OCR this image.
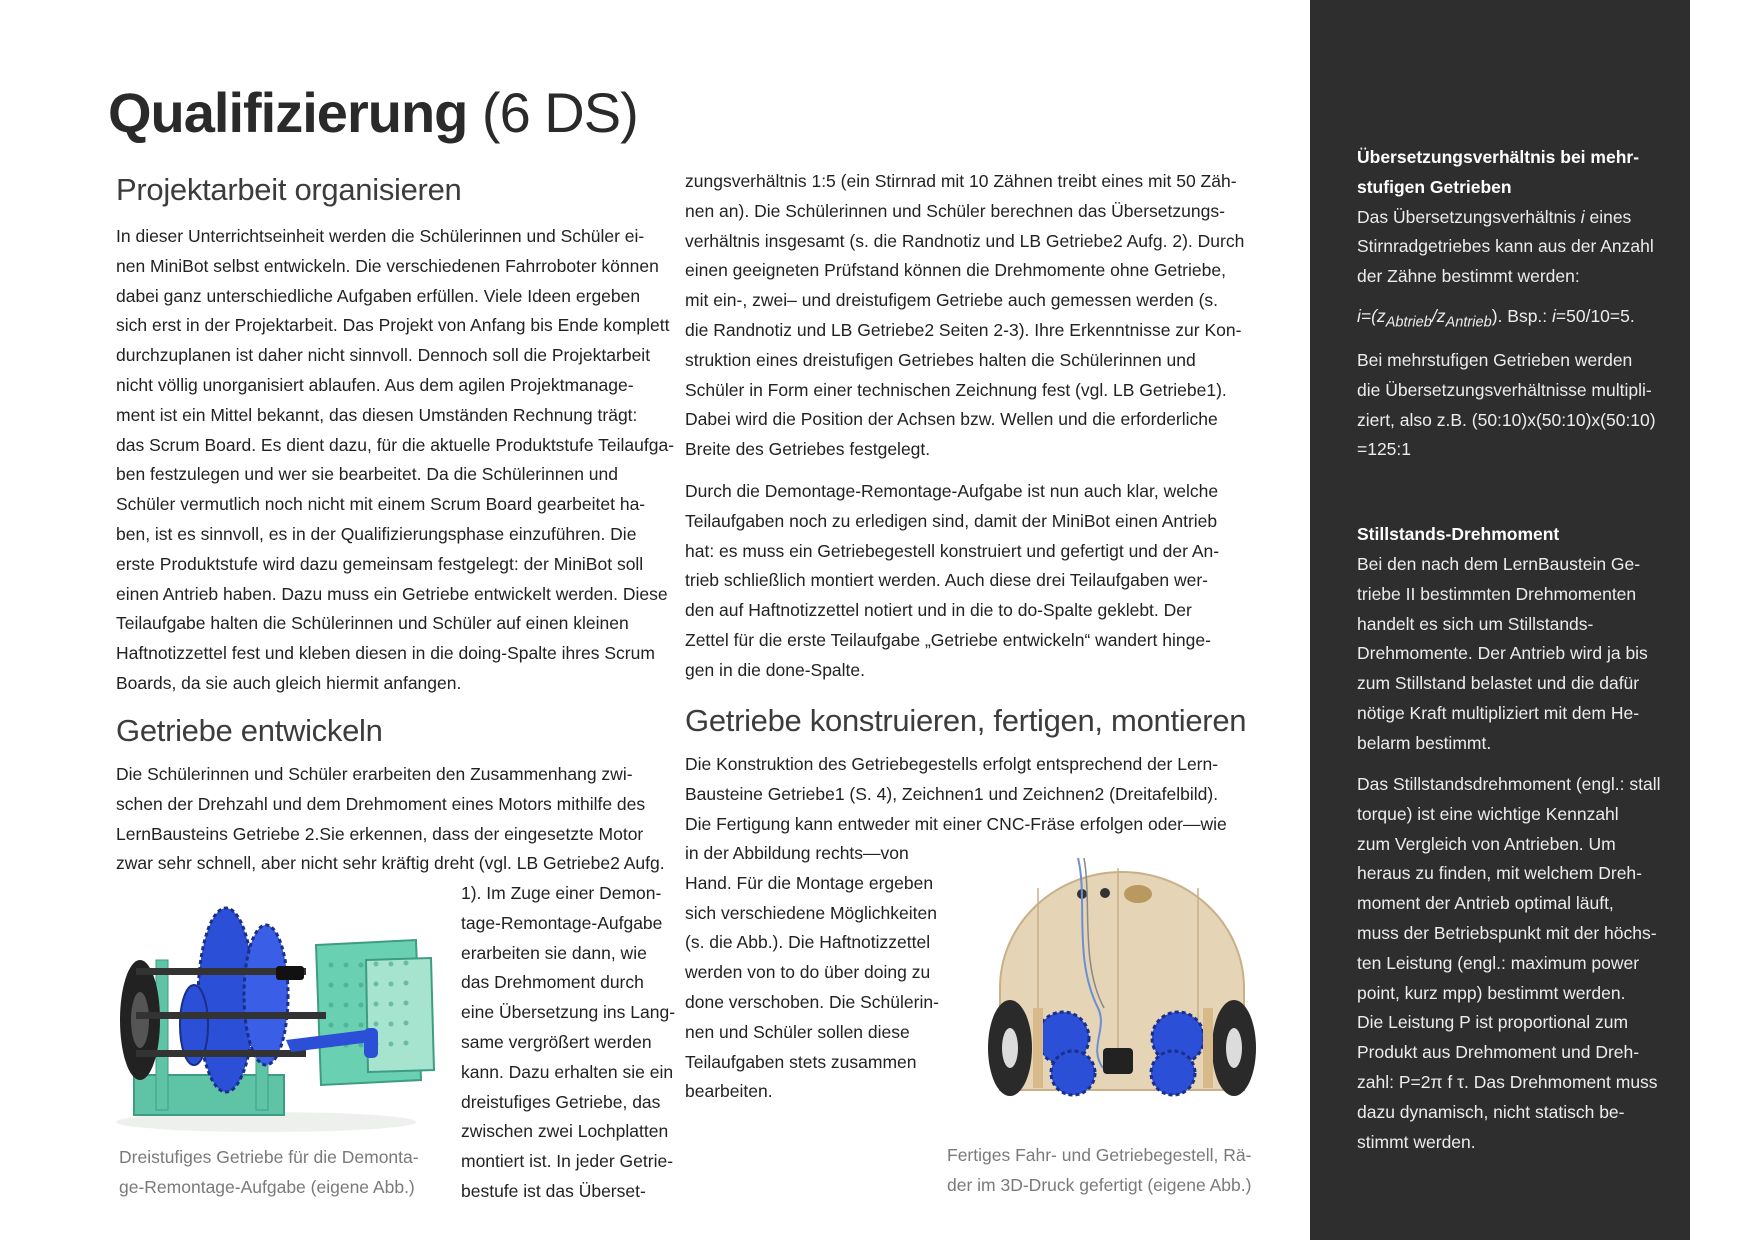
Qualifizierung (6 DS)
Projektarbeit organisieren

In dieser Unterrichtseinheit werden die Schülerinnen und Schüler ei-
nen MiniBot selbst entwickeln. Die verschiedenen Fahrroboter können
dabei ganz unterschiedliche Aufgaben erfüllen. Viele Ideen ergeben
sich erst in der Projektarbeit. Das Projekt von Anfang bis Ende komplett
durchzuplanen ist daher nicht sinnvoll. Dennoch soll die Projektarbeit
nicht völlig unorganisiert ablaufen. Aus dem agilen Projektmanage-
ment ist ein Mittel bekannt, das diesen Umständen Rechnung trägt:
das Scrum Board. Es dient dazu, für die aktuelle Produktstufe Teilaufga-
ben festzulegen und wer sie bearbeitet. Da die Schülerinnen und
Schüler vermutlich noch nicht mit einem Scrum Board gearbeitet ha-
ben, ist es sinnvoll, es in der Qualifizierungsphase einzuführen. Die
erste Produktstufe wird dazu gemeinsam festgelegt: der MiniBot soll
einen Antrieb haben. Dazu muss ein Getriebe entwickelt werden. Diese
Teilaufgabe halten die Schülerinnen und Schüler auf einen kleinen
Haftnotizzettel fest und kleben diesen in die doing-Spalte ihres Scrum
Boards, da sie auch gleich hiermit anfangen.

Getriebe entwickeln

Die Schülerinnen und Schüler erarbeiten den Zusammenhang zwi-
schen der Drehzahl und dem Drehmoment eines Motors mithilfe des
LernBausteins Getriebe 2.Sie erkennen, dass der eingesetzte Motor
zwar sehr schnell, aber nicht sehr kräftig dreht (vgl. LB Getriebe2 Aufg.

1). Im Zuge einer Demon-
tage-Remontage-Aufgabe
erarbeiten sie dann, wie
das Drehmoment durch
eine Übersetzung ins Lang-
same vergrößert werden
kann. Dazu erhalten sie ein
dreistufiges Getriebe, das
zwischen zwei Lochplatten
montiert ist. In jeder Getrie-
bestufe ist das Überset-

Dreistufiges Getriebe für die Demonta-
ge-Remontage-Aufgabe (eigene Abb.)

zungsverhältnis 1:5 (ein Stirnrad mit 10 Zähnen treibt eines mit 50 Zäh-
nen an). Die Schülerinnen und Schüler berechnen das Übersetzungs-
verhältnis insgesamt (s. die Randnotiz und LB Getriebe2 Aufg. 2). Durch
einen geeigneten Prüfstand können die Drehmomente ohne Getriebe,
mit ein-, zwei– und dreistufigem Getriebe auch gemessen werden (s.
die Randnotiz und LB Getriebe2 Seiten 2-3). Ihre Erkenntnisse zur Kon-
struktion eines dreistufigen Getriebes halten die Schülerinnen und
Schüler in Form einer technischen Zeichnung fest (vgl. LB Getriebe1).
Dabei wird die Position der Achsen bzw. Wellen und die erforderliche
Breite des Getriebes festgelegt.

Durch die Demontage-Remontage-Aufgabe ist nun auch klar, welche
Teilaufgaben noch zu erledigen sind, damit der MiniBot einen Antrieb
hat: es muss ein Getriebegestell konstruiert und gefertigt und der An-
trieb schließlich montiert werden. Auch diese drei Teilaufgaben wer-
den auf Haftnotizzettel notiert und in die to do-Spalte geklebt. Der
Zettel für die erste Teilaufgabe „Getriebe entwickeln“ wandert hinge-
gen in die done-Spalte.

Getriebe konstruieren, fertigen, montieren

Die Konstruktion des Getriebegestells erfolgt entsprechend der Lern-
Bausteine Getriebe1 (S. 4), Zeichnen1 und Zeichnen2 (Dreitafelbild).
Die Fertigung kann entweder mit einer CNC-Fräse erfolgen oder—wie

in der Abbildung rechts—von
Hand. Für die Montage ergeben
sich verschiedene Möglichkeiten
(s. die Abb.). Die Haftnotizzettel
werden von to do über doing zu
done verschoben. Die Schülerin-
nen und Schüler sollen diese
Teilaufgaben stets zusammen
bearbeiten.

Fertiges Fahr- und Getriebegestell, Rä-
der im 3D-Druck gefertigt (eigene Abb.)

Übersetzungsverhältnis bei mehr-
stufigen Getrieben
Das Übersetzungsverhältnis i eines
Stirnradgetriebes kann aus der Anzahl
der Zähne bestimmt werden:
$i=(z_{Abtrieb}/z_{Antrieb})$. Bsp.: i=50/10=5.

Bei mehrstufigen Getrieben werden
die Übersetzungsverhältnisse multipli-
ziert, also z.B. (50:10)x(50:10)x(50:10)
=125:1

Stillstands-Drehmoment

Bei den nach dem LernBaustein Ge-
triebe II bestimmten Drehmomenten
handelt es sich um Stillstands-
Drehmomente. Der Antrieb wird ja bis
zum Stillstand belastet und die dafür
nötige Kraft multipliziert mit dem He-
belarm bestimmt.

Das Stillstandsdrehmoment (engl.: stall
torque) ist eine wichtige Kennzahl
zum Vergleich von Antrieben. Um
heraus zu finden, mit welchem Dreh-
moment der Antrieb optimal läuft,
muss der Betriebspunkt mit der höchs-
ten Leistung (engl.: maximum power
point, kurz mpp) bestimmt werden.
Die Leistung P ist proportional zum
Produkt aus Drehmoment und Dreh-
zahl: P=2π f τ. Das Drehmoment muss
dazu dynamisch, nicht statisch be-
stimmt werden.
